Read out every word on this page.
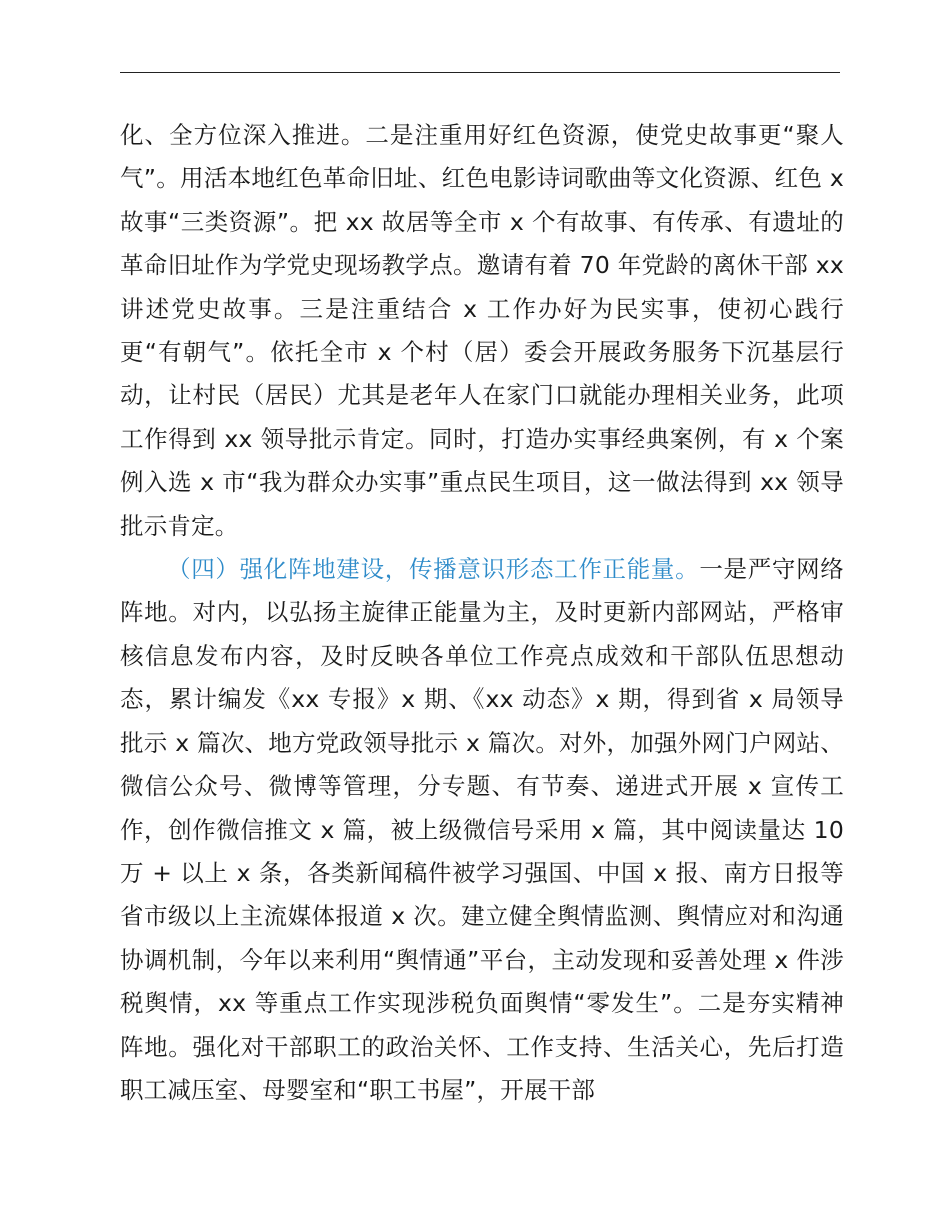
化、全方位深入推进。二是注重用好红色资源，使党史故事更“聚人气”。用活本地红色革命旧址、红色电影诗词歌曲等文化资源、红色 x 故事“三类资源”。把 xx 故居等全市 x 个有故事、有传承、有遗址的革命旧址作为学党史现场教学点。邀请有着 70 年党龄的离休干部 xx 讲述党史故事。三是注重结合 x 工作办好为民实事，使初心践行更“有朝气”。依托全市 x 个村（居）委会开展政务服务下沉基层行动，让村民（居民）尤其是老年人在家门口就能办理相关业务，此项工作得到 xx 领导批示肯定。同时，打造办实事经典案例，有 x 个案例入选 x 市“我为群众办实事”重点民生项目，这一做法得到 xx 领导批示肯定。

（四）强化阵地建设，传播意识形态工作正能量。一是严守网络阵地。对内，以弘扬主旋律正能量为主，及时更新内部网站，严格审核信息发布内容，及时反映各单位工作亮点成效和干部队伍思想动态，累计编发《xx 专报》x 期、《xx 动态》x 期，得到省 x 局领导批示 x 篇次、地方党政领导批示 x 篇次。对外，加强外网门户网站、微信公众号、微博等管理，分专题、有节奏、递进式开展 x 宣传工作，创作微信推文 x 篇，被上级微信号采用 x 篇，其中阅读量达 10 万 + 以上 x 条，各类新闻稿件被学习强国、中国 x 报、南方日报等省市级以上主流媒体报道 x 次。建立健全舆情监测、舆情应对和沟通协调机制，今年以来利用“舆情通”平台，主动发现和妥善处理 x 件涉税舆情，xx 等重点工作实现涉税负面舆情“零发生”。二是夯实精神阵地。强化对干部职工的政治关怀、工作支持、生活关心，先后打造职工减压室、母婴室和“职工书屋”，开展干部
